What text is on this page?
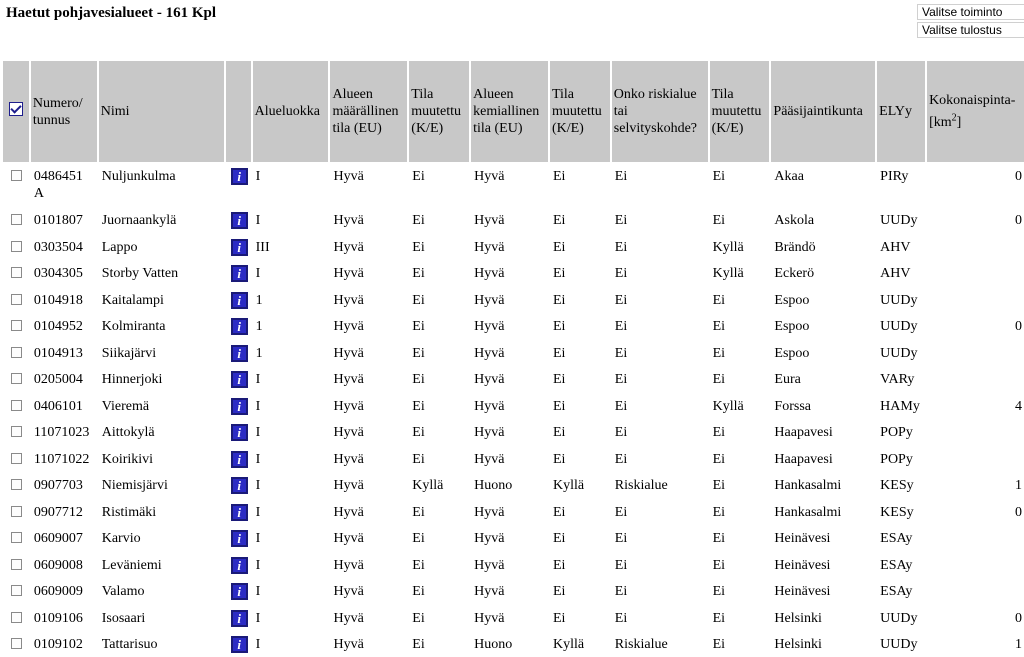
Haetut pohjavesialueet - 161 Kpl	Valitse toiminto
Valitse tulostus
	Numero/ tunnus	Nimi		Alueluokka	Alueen määrällinen tila (EU)	Tila muutettu (K/E)	Alueen kemiallinen tila (EU)	Tila muutettu (K/E)	Onko riskialue tai selvityskohde?	Tila muutettu (K/E)	Pääsijaintikunta	ELYy	Kokonaispinta-
$[km^2]$
	0486451 A	Nuljunkulma	i	I	Hyvä	Ei	Hyvä	Ei	Ei	Ei	Akaa	PIRy	0
	0101807	Juornaankylä	i	I	Hyvä	Ei	Hyvä	Ei	Ei	Ei	Askola	UUDy	0
	0303504	Lappo	i	III	Hyvä	Ei	Hyvä	Ei	Ei	Kyllä	Brändö	AHV	
	0304305	Storby Vatten	i	I	Hyvä	Ei	Hyvä	Ei	Ei	Kyllä	Eckerö	AHV	
	0104918	Kaitalampi	i	1	Hyvä	Ei	Hyvä	Ei	Ei	Ei	Espoo	UUDy	
	0104952	Kolmiranta	i	1	Hyvä	Ei	Hyvä	Ei	Ei	Ei	Espoo	UUDy	0
	0104913	Siikajärvi	i	1	Hyvä	Ei	Hyvä	Ei	Ei	Ei	Espoo	UUDy	
	0205004	Hinnerjoki	i	I	Hyvä	Ei	Hyvä	Ei	Ei	Ei	Eura	VARy	
	0406101	Vieremä	i	I	Hyvä	Ei	Hyvä	Ei	Ei	Kyllä	Forssa	HAMy	4
	11071023	Aittokylä	i	I	Hyvä	Ei	Hyvä	Ei	Ei	Ei	Haapavesi	POPy	
	11071022	Koirikivi	i	I	Hyvä	Ei	Hyvä	Ei	Ei	Ei	Haapavesi	POPy	
	0907703	Niemisjärvi	i	I	Hyvä	Kyllä	Huono	Kyllä	Riskialue	Ei	Hankasalmi	KESy	1
	0907712	Ristimäki	i	I	Hyvä	Ei	Hyvä	Ei	Ei	Ei	Hankasalmi	KESy	0
	0609007	Karvio	i	I	Hyvä	Ei	Hyvä	Ei	Ei	Ei	Heinävesi	ESAy	
	0609008	Leväniemi	i	I	Hyvä	Ei	Hyvä	Ei	Ei	Ei	Heinävesi	ESAy	
	0609009	Valamo	i	I	Hyvä	Ei	Hyvä	Ei	Ei	Ei	Heinävesi	ESAy	
	0109106	Isosaari	i	I	Hyvä	Ei	Hyvä	Ei	Ei	Ei	Helsinki	UUDy	0
	0109102	Tattarisuo	i	I	Hyvä	Ei	Huono	Kyllä	Riskialue	Ei	Helsinki	UUDy	1
